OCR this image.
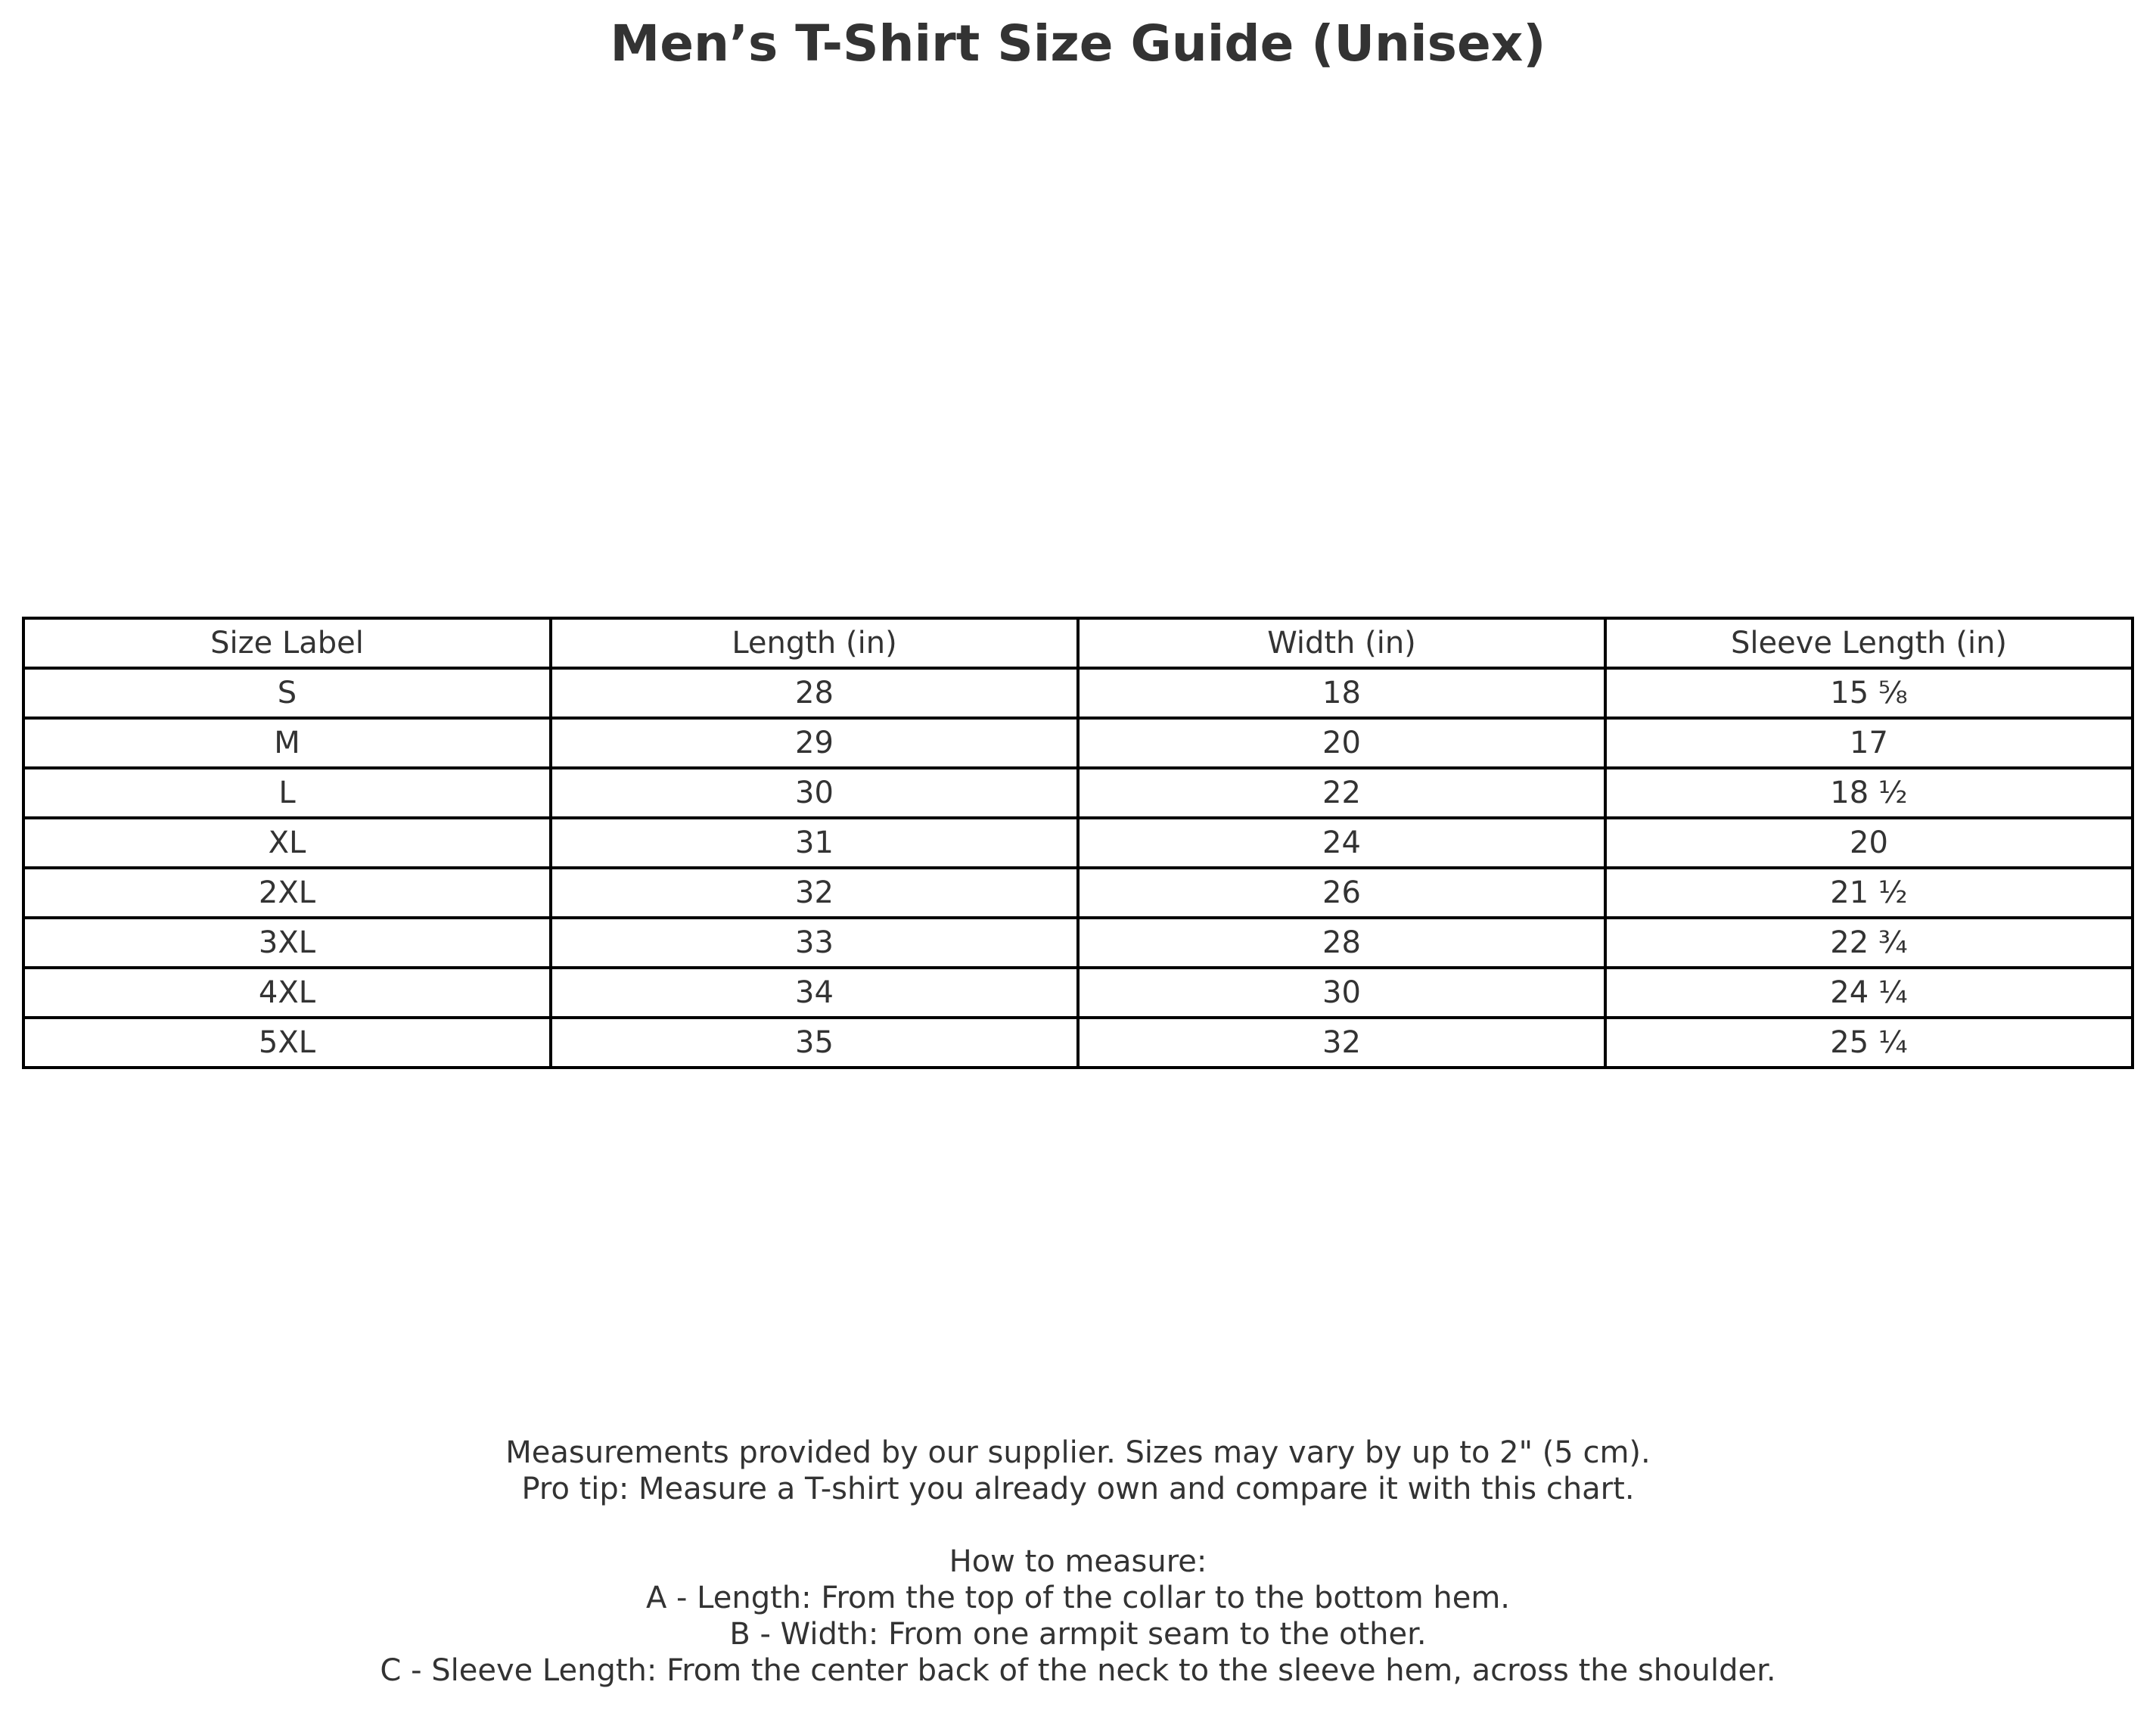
Men’s T-Shirt Size Guide (Unisex)
Size Label	Length (in)	Width (in)	Sleeve Length (in)
S	28	18	15 ⅝
M	29	20	17
L	30	22	18 ½
XL	31	24	20
2XL	32	26	21 ½
3XL	33	28	22 ¾
4XL	34	30	24 ¼
5XL	35	32	25 ¼
Measurements provided by our supplier. Sizes may vary by up to 2" (5 cm).
Pro tip: Measure a T-shirt you already own and compare it with this chart.
How to measure:
A - Length: From the top of the collar to the bottom hem.
B - Width: From one armpit seam to the other.
C - Sleeve Length: From the center back of the neck to the sleeve hem, across the shoulder.
